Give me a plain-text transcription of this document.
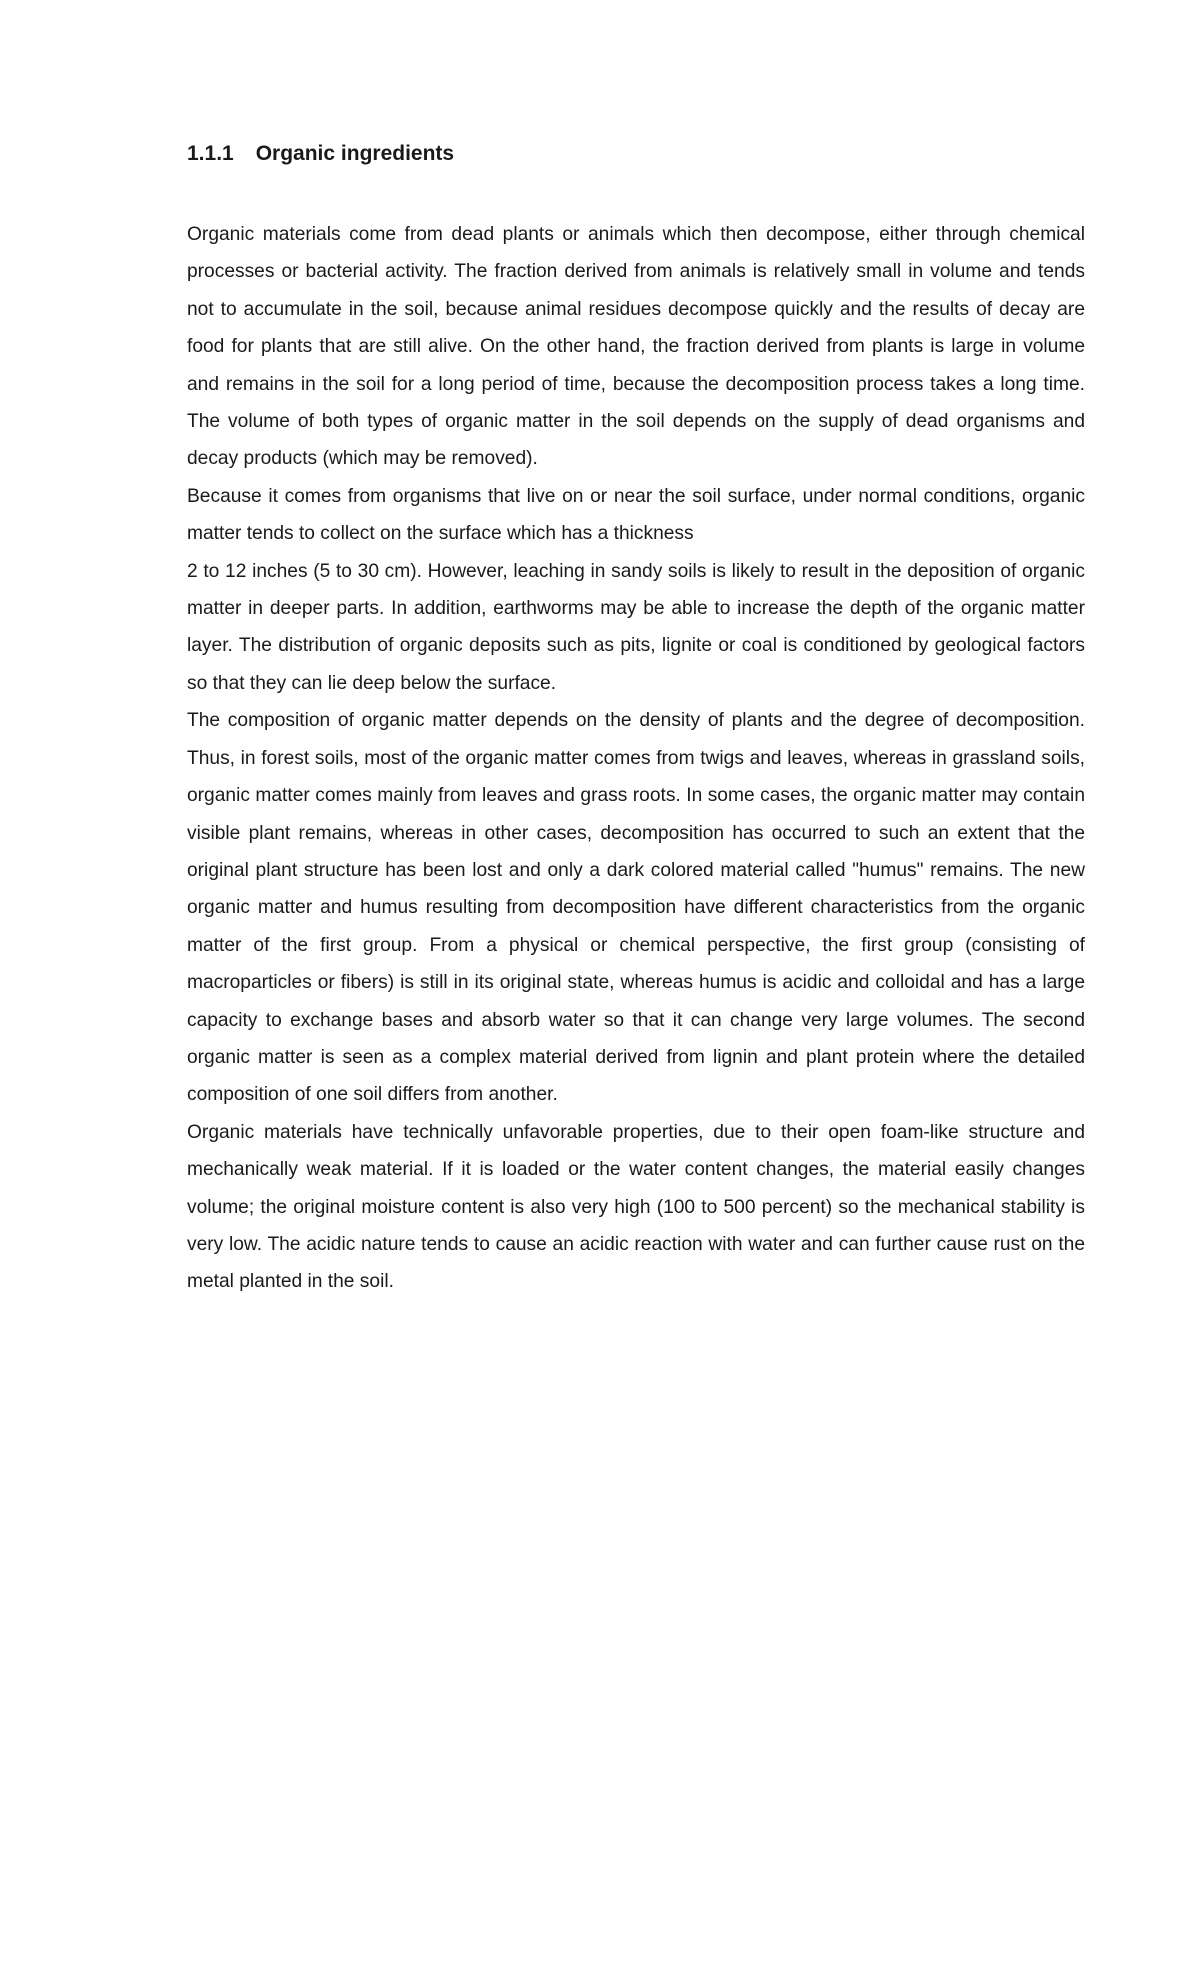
1.1.1 Organic ingredients

Organic materials come from dead plants or animals which then decompose, either through chemical processes or bacterial activity. The fraction derived from animals is relatively small in volume and tends not to accumulate in the soil, because animal residues decompose quickly and the results of decay are food for plants that are still alive. On the other hand, the fraction derived from plants is large in volume and remains in the soil for a long period of time, because the decomposition process takes a long time. The volume of both types of organic matter in the soil depends on the supply of dead organisms and decay products (which may be removed).

Because it comes from organisms that live on or near the soil surface, under normal conditions, organic matter tends to collect on the surface which has a thickness

2 to 12 inches (5 to 30 cm). However, leaching in sandy soils is likely to result in the deposition of organic matter in deeper parts. In addition, earthworms may be able to increase the depth of the organic matter layer. The distribution of organic deposits such as pits, lignite or coal is conditioned by geological factors so that they can lie deep below the surface.

The composition of organic matter depends on the density of plants and the degree of decomposition. Thus, in forest soils, most of the organic matter comes from twigs and leaves, whereas in grassland soils, organic matter comes mainly from leaves and grass roots. In some cases, the organic matter may contain visible plant remains, whereas in other cases, decomposition has occurred to such an extent that the original plant structure has been lost and only a dark colored material called "humus" remains. The new organic matter and humus resulting from decomposition have different characteristics from the organic matter of the first group. From a physical or chemical perspective, the first group (consisting of macroparticles or fibers) is still in its original state, whereas humus is acidic and colloidal and has a large capacity to exchange bases and absorb water so that it can change very large volumes. The second organic matter is seen as a complex material derived from lignin and plant protein where the detailed composition of one soil differs from another.

Organic materials have technically unfavorable properties, due to their open foam-like structure and mechanically weak material. If it is loaded or the water content changes, the material easily changes volume; the original moisture content is also very high (100 to 500 percent) so the mechanical stability is very low. The acidic nature tends to cause an acidic reaction with water and can further cause rust on the metal planted in the soil.
